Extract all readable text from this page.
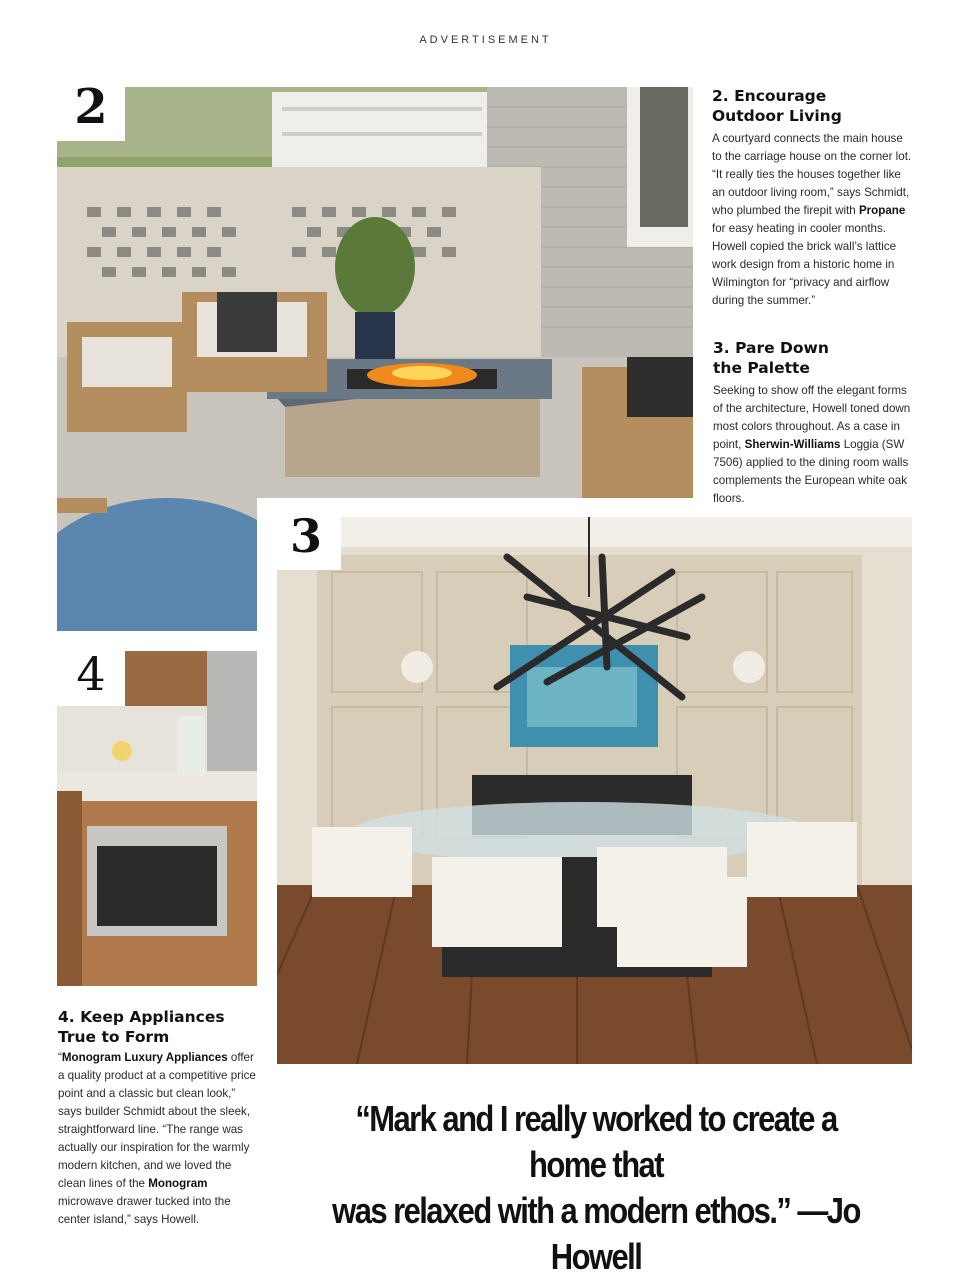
ADVERTISEMENT
2	2. Encourage
Outdoor Living

A courtyard connects the main house to the carriage house on the corner lot. “It really ties the houses together like an outdoor living room,” says Schmidt, who plumbed the firepit with Propane for easy heating in cooler months. Howell copied the brick wall’s lattice work design from a historic home in Wilmington for “privacy and airflow during the summer.”

3. Pare Down
the Palette

Seeking to show off the elegant forms of the architecture, Howell toned down most colors throughout. As a case in point, Sherwin-Williams Loggia (SW 7506) applied to the dining room walls complements the European white oak floors.

3
4
4. Keep Appliances
True to Form

“Monogram Luxury Appliances offer a quality product at a competitive price point and a classic but clean look,” says builder Schmidt about the sleek, straightforward line. “The range was actually our inspiration for the warmly modern kitchen, and we loved the clean lines of the Monogram microwave drawer tucked into the center island,” says Howell.

“Mark and I really worked to create a home that
was relaxed with a modern ethos.” —Jo Howell
